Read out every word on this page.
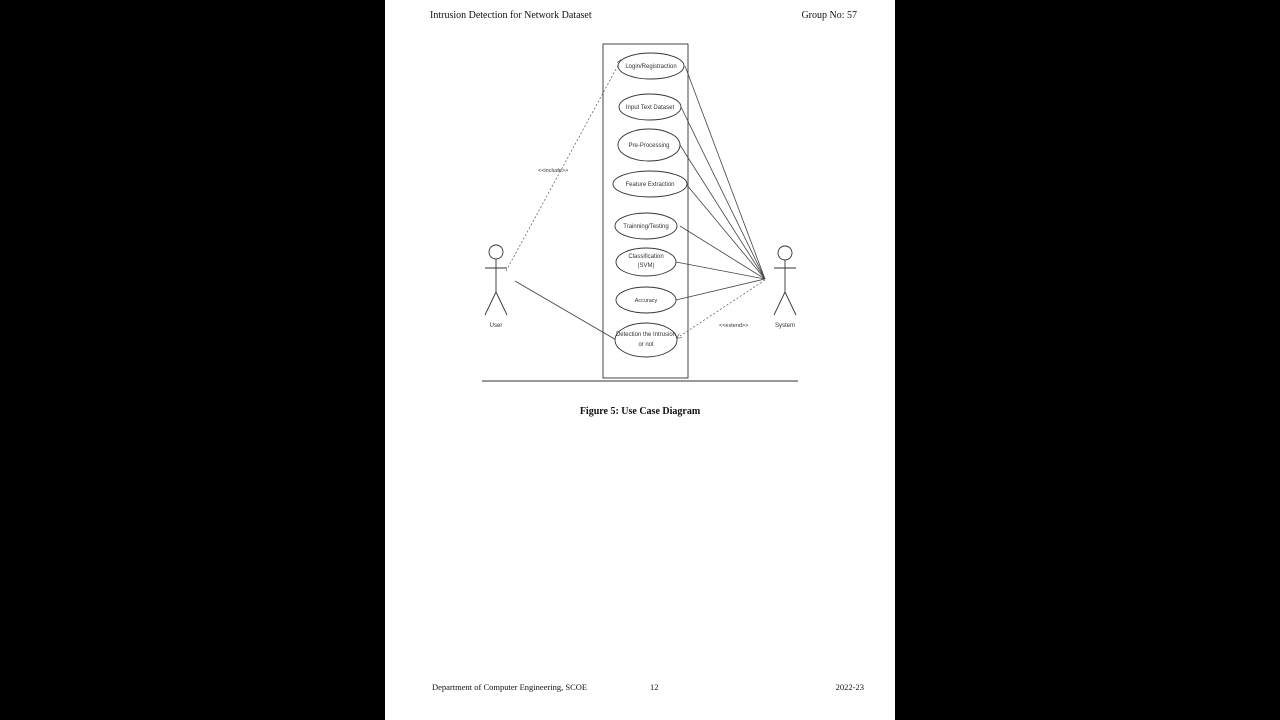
Intrusion Detection for Network Dataset	Group No: 57
<<include>>
<<extend>>
Login/Registraction
Input Text Dataset
Pre-Processing
Feature Extraction
Trainning/Testing
Classification
(SVM)
Accuracy
Detection the Intrusion
or not
User	System
Figure 5: Use Case Diagram
Department of Computer Engineering, SCOE	12	2022-23
